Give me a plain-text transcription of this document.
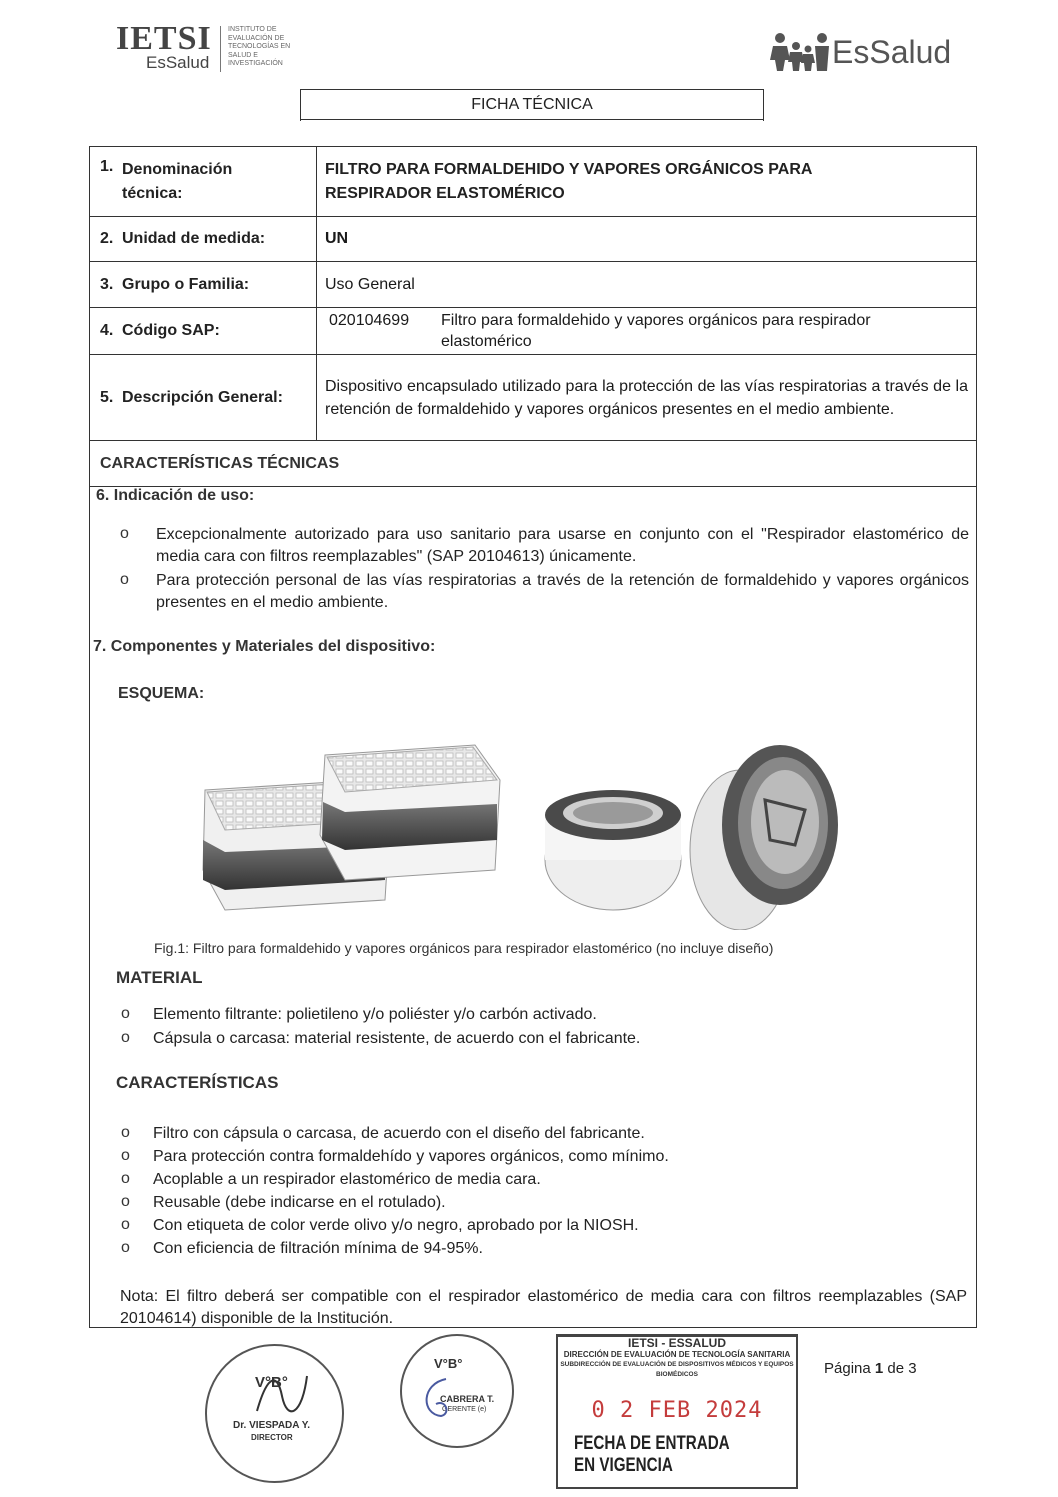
IETSI
EsSalud
INSTITUTO DE EVALUACIÓN DE TECNOLOGÍAS EN SALUD E INVESTIGACIÓN	EsSalud
FICHA TÉCNICA
1. Denominación técnica:	FILTRO PARA FORMALDEHIDO Y VAPORES ORGÁNICOS PARA RESPIRADOR ELASTOMÉRICO

2. Unidad de medida:	UN
3. Grupo o Familia:	Uso General
4. Código SAP:	020104699 Filtro para formaldehido y vapores orgánicos para respirador elastomérico

5. Descripción General:	Dispositivo encapsulado utilizado para la protección de las vías respiratorias a través de la retención de formaldehido y vapores orgánicos presentes en el medio ambiente.
CARACTERÍSTICAS TÉCNICAS	
6. Indicación de uso:
o Excepcionalmente autorizado para uso sanitario para usarse en conjunto con el "Respirador elastomérico de media cara con filtros reemplazables" (SAP 20104613) únicamente.
o Para protección personal de las vías respiratorias a través de la retención de formaldehido y vapores orgánicos presentes en el medio ambiente.
7. Componentes y Materiales del dispositivo:
ESQUEMA:
Fig.1: Filtro para formaldehido y vapores orgánicos para respirador elastomérico (no incluye diseño)
MATERIAL
o Elemento filtrante: polietileno y/o poliéster y/o carbón activado.
o Cápsula o carcasa: material resistente, de acuerdo con el fabricante.
CARACTERÍSTICAS
o Filtro con cápsula o carcasa, de acuerdo con el diseño del fabricante.
o Para protección contra formaldehído y vapores orgánicos, como mínimo.
o Acoplable a un respirador elastomérico de media cara.
o Reusable (debe indicarse en el rotulado).
o Con etiqueta de color verde olivo y/o negro, aprobado por la NIOSH.
o Con eficiencia de filtración mínima de 94-95%.
Nota: El filtro deberá ser compatible con el respirador elastomérico de media cara con filtros reemplazables (SAP 20104614) disponible de la Institución.
V°B°
Dr. VIESPADA Y.
DIRECTOR
V°B°
CABRERA T.
GERENTE (e)
IETSI - ESSALUD
DIRECCIÓN DE EVALUACIÓN DE TECNOLOGÍA SANITARIA
SUBDIRECCIÓN DE EVALUACIÓN DE DISPOSITIVOS MÉDICOS Y EQUIPOS BIOMÉDICOS
0 2 FEB 2024
FECHA DE ENTRADA EN VIGENCIA
Página 1 de 3
